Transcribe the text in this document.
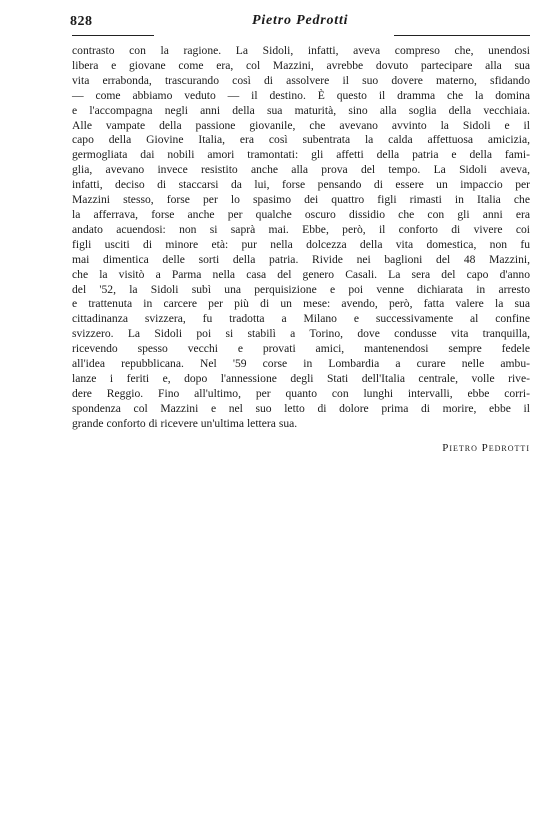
828	Pietro Pedrotti
contrasto con la ragione. La Sidoli, infatti, aveva compreso che, unendosi
libera e giovane come era, col Mazzini, avrebbe dovuto partecipare alla sua
vita errabonda, trascurando così di assolvere il suo dovere materno, sfidando
— come abbiamo veduto — il destino. È questo il dramma che la domina
e l'accompagna negli anni della sua maturità, sino alla soglia della vecchiaia.
Alle vampate della passione giovanile, che avevano avvinto la Sidoli e il
capo della Giovine Italia, era così subentrata la calda affettuosa amicizia,
germogliata dai nobili amori tramontati: gli affetti della patria e della fami-
glia, avevano invece resistito anche alla prova del tempo. La Sidoli aveva,
infatti, deciso di staccarsi da lui, forse pensando di essere un impaccio per
Mazzini stesso, forse per lo spasimo dei quattro figli rimasti in Italia che
la afferrava, forse anche per qualche oscuro dissidio che con gli anni era
andato acuendosi: non si saprà mai. Ebbe, però, il conforto di vivere coi
figli usciti di minore età: pur nella dolcezza della vita domestica, non fu
mai dimentica delle sorti della patria. Rivide nei baglioni del 48 Mazzini,
che la visitò a Parma nella casa del genero Casali. La sera del capo d'anno
del '52, la Sidoli subì una perquisizione e poi venne dichiarata in arresto
e trattenuta in carcere per più di un mese: avendo, però, fatta valere la sua
cittadinanza svizzera, fu tradotta a Milano e successivamente al confine
svizzero. La Sidoli poi si stabilì a Torino, dove condusse vita tranquilla,
ricevendo spesso vecchi e provati amici, mantenendosi sempre fedele
all'idea repubblicana. Nel '59 corse in Lombardia a curare nelle ambu-
lanze i feriti e, dopo l'annessione degli Stati dell'Italia centrale, volle rive-
dere Reggio. Fino all'ultimo, per quanto con lunghi intervalli, ebbe corri-
spondenza col Mazzini e nel suo letto di dolore prima di morire, ebbe il
grande conforto di ricevere un'ultima lettera sua.
Pietro Pedrotti
